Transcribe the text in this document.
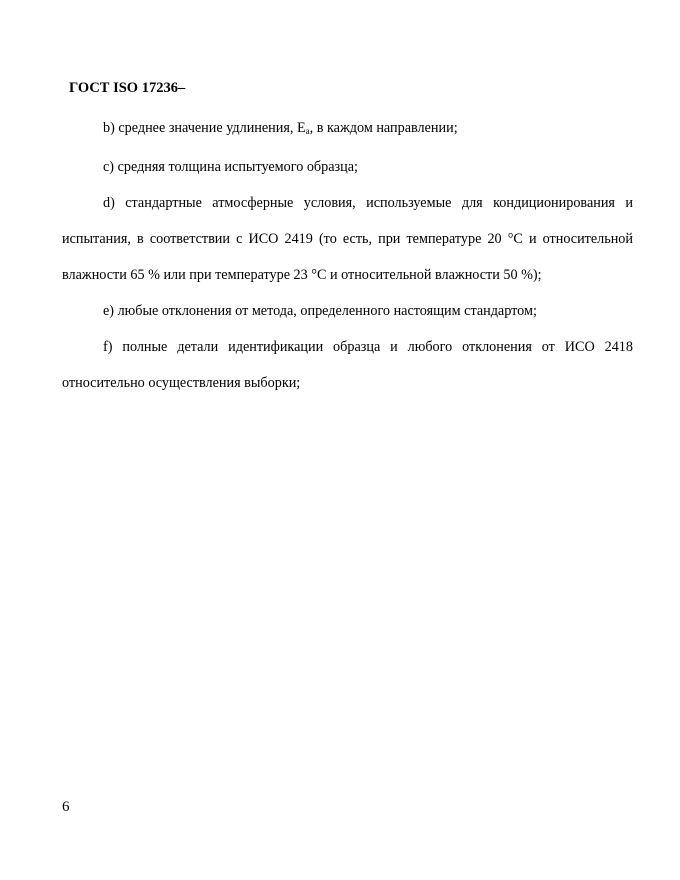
ГОСТ ISO 17236–

b) среднее значение удлинения, $E_a$, в каждом направлении;

c) средняя толщина испытуемого образца;

d) стандартные атмосферные условия, используемые для кондиционирования и испытания, в соответствии с ИСО 2419 (то есть, при температуре 20 °C и относительной влажности 65 % или при температуре 23 °C и относительной влажности 50 %);

e) любые отклонения от метода, определенного настоящим стандартом;

f) полные детали идентификации образца и любого отклонения от ИСО 2418 относительно осуществления выборки;

6
